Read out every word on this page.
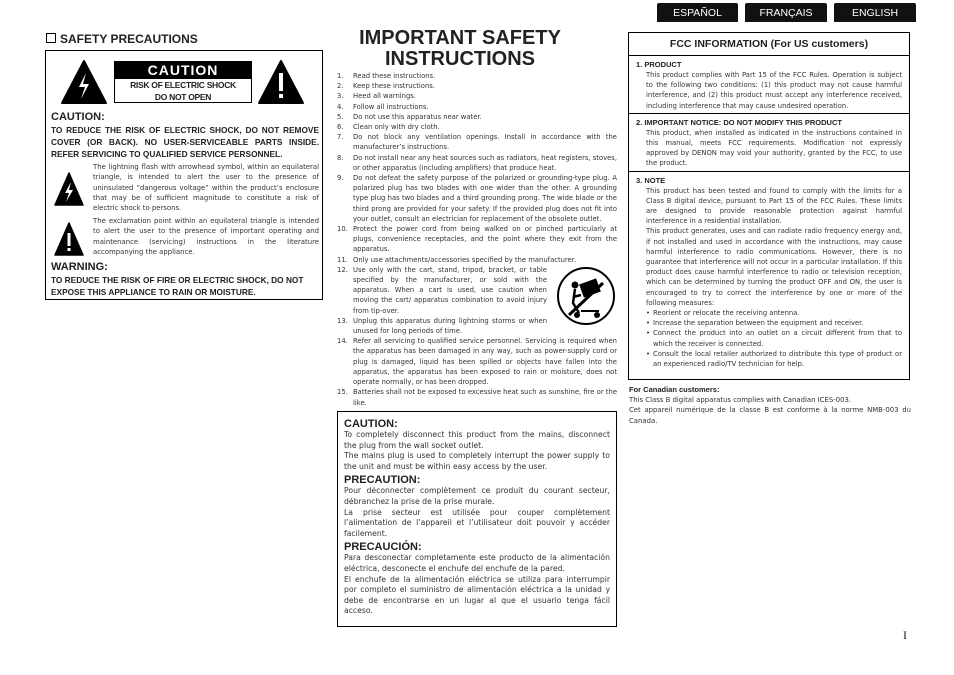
ESPAÑOL	FRANÇAIS	ENGLISH
SAFETY PRECAUTIONS
CAUTION
RISK OF ELECTRIC SHOCK
DO NOT OPEN
CAUTION:
TO REDUCE THE RISK OF ELECTRIC SHOCK, DO NOT REMOVE COVER (OR BACK). NO USER-SERVICEABLE PARTS INSIDE. REFER SERVICING TO QUALIFIED SERVICE PERSONNEL.
The lightning flash with arrowhead symbol, within an equilateral triangle, is intended to alert the user to the presence of uninsulated “dangerous voltage” within the product’s enclosure that may be of sufficient magnitude to constitute a risk of electric shock to persons.
The exclamation point within an equilateral triangle is intended to alert the user to the presence of important operating and maintenance (servicing) instructions in the literature accompanying the appliance.
WARNING:
TO REDUCE THE RISK OF FIRE OR ELECTRIC SHOCK, DO NOT EXPOSE THIS APPLIANCE TO RAIN OR MOISTURE.
IMPORTANT SAFETY
INSTRUCTIONS
1. Read these instructions.
2. Keep these instructions.
3. Heed all warnings.
4. Follow all instructions.
5. Do not use this apparatus near water.
6. Clean only with dry cloth.
7. Do not block any ventilation openings. Install in accordance with the manufacturer’s instructions.
8. Do not install near any heat sources such as radiators, heat registers, stoves, or other apparatus (including amplifiers) that produce heat.
9. Do not defeat the safety purpose of the polarized or grounding-type plug. A polarized plug has two blades with one wider than the other. A grounding type plug has two blades and a third grounding prong. The wide blade or the third prong are provided for your safety. If the provided plug does not fit into your outlet, consult an electrician for replacement of the obsolete outlet.
10. Protect the power cord from being walked on or pinched particularly at plugs, convenience receptacles, and the point where they exit from the apparatus.
11. Only use attachments/accessories specified by the manufacturer.
12. Use only with the cart, stand, tripod, bracket, or table specified by the manufacturer, or sold with the apparatus. When a cart is used, use caution when moving the cart/ apparatus combination to avoid injury from tip-over.
13. Unplug this apparatus during lightning storms or when unused for long periods of time.
14. Refer all servicing to qualified service personnel. Servicing is required when the apparatus has been damaged in any way, such as power-supply cord or plug is damaged, liquid has been spilled or objects have fallen into the apparatus, the apparatus has been exposed to rain or moisture, does not operate normally, or has been dropped.
15. Batteries shall not be exposed to excessive heat such as sunshine, fire or the like.
CAUTION:
To completely disconnect this product from the mains, disconnect the plug from the wall socket outlet.
The mains plug is used to completely interrupt the power supply to the unit and must be within easy access by the user.
PRECAUTION:
Pour déconnecter complètement ce produit du courant secteur, débranchez la prise de la prise murale.
La prise secteur est utilisée pour couper complètement l’alimentation de l’appareil et l’utilisateur doit pouvoir y accéder facilement.
PRECAUCIÓN:
Para desconectar completamente este producto de la alimentación eléctrica, desconecte el enchufe del enchufe de la pared.
El enchufe de la alimentación eléctrica se utiliza para interrumpir por completo el suministro de alimentación eléctrica a la unidad y debe de encontrarse en un lugar al que el usuario tenga fácil acceso.
FCC INFORMATION (For US customers)
1. PRODUCT
This product complies with Part 15 of the FCC Rules. Operation is subject to the following two conditions: (1) this product may not cause harmful interference, and (2) this product must accept any interference received, including interference that may cause undesired operation.
2. IMPORTANT NOTICE: DO NOT MODIFY THIS PRODUCT
This product, when installed as indicated in the instructions contained in this manual, meets FCC requirements. Modification not expressly approved by DENON may void your authority, granted by the FCC, to use the product.
3. NOTE
This product has been tested and found to comply with the limits for a Class B digital device, pursuant to Part 15 of the FCC Rules. These limits are designed to provide reasonable protection against harmful interference in a residential installation.
This product generates, uses and can radiate radio frequency energy and, if not installed and used in accordance with the instructions, may cause harmful interference to radio communications. However, there is no guarantee that interference will not occur in a particular installation. If this product does cause harmful interference to radio or television reception, which can be determined by turning the product OFF and ON, the user is encouraged to try to correct the interference by one or more of the following measures:
• Reorient or relocate the receiving antenna.
• Increase the separation between the equipment and receiver.
• Connect the product into an outlet on a circuit different from that to which the receiver is connected.
• Consult the local retailer authorized to distribute this type of product or an experienced radio/TV technician for help.
For Canadian customers:
This Class B digital apparatus complies with Canadian ICES-003.
Cet appareil numérique de la classe B est conforme à la norme NMB-003 du Canada.
I
